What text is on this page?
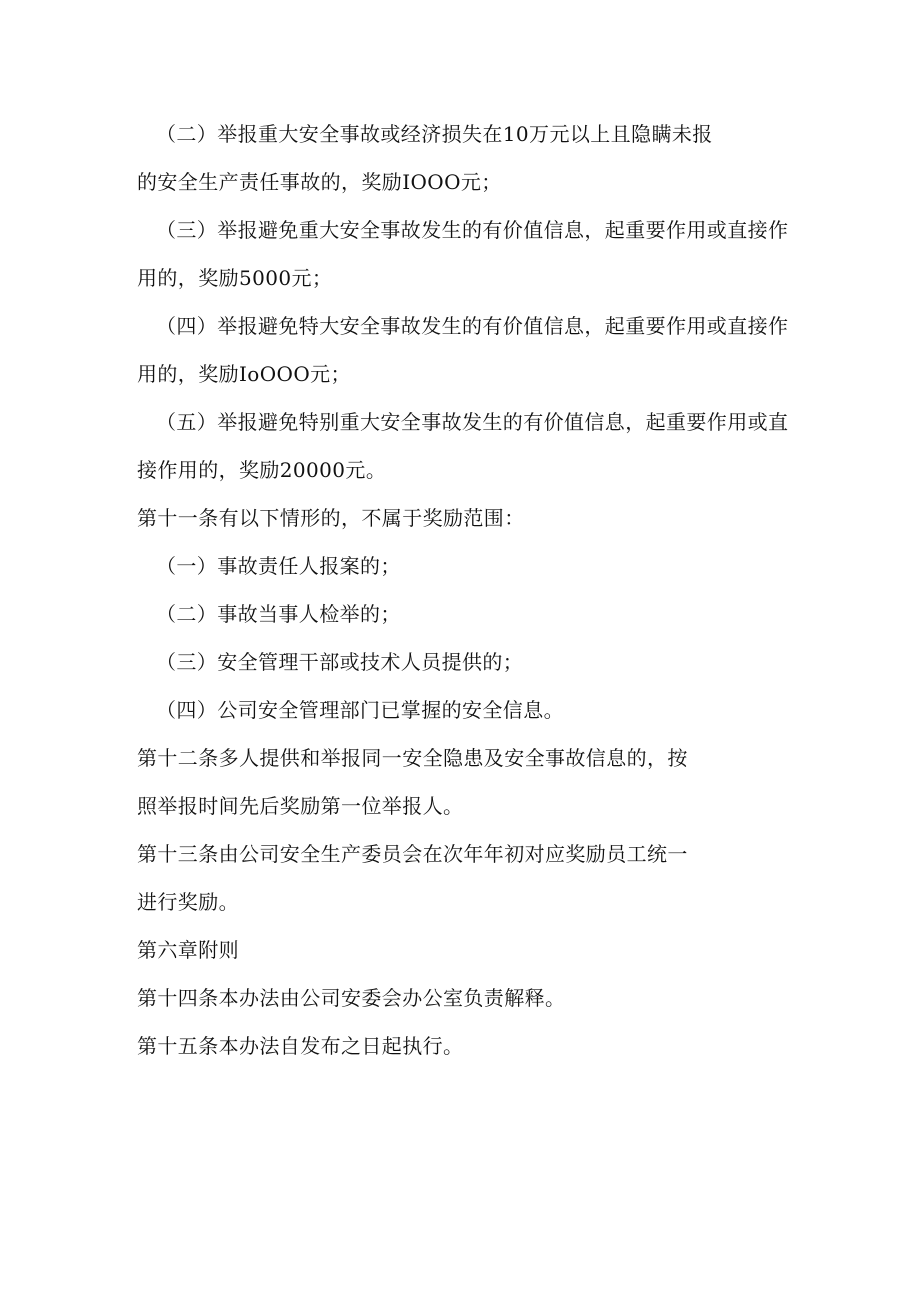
（二）举报重大安全事故或经济损失在10万元以上且隐瞒未报
的安全生产责任事故的，奖励IOOO元；
（三）举报避免重大安全事故发生的有价值信息，起重要作用或直接作
用的，奖励5000元；
（四）举报避免特大安全事故发生的有价值信息，起重要作用或直接作
用的，奖励IoOOO元；
（五）举报避免特别重大安全事故发生的有价值信息，起重要作用或直
接作用的，奖励20000元。
第十一条有以下情形的，不属于奖励范围：
（一）事故责任人报案的；
（二）事故当事人检举的；
（三）安全管理干部或技术人员提供的；
（四）公司安全管理部门已掌握的安全信息。
第十二条多人提供和举报同一安全隐患及安全事故信息的，按
照举报时间先后奖励第一位举报人。
第十三条由公司安全生产委员会在次年年初对应奖励员工统一
进行奖励。
第六章附则
第十四条本办法由公司安委会办公室负责解释。
第十五条本办法自发布之日起执行。
